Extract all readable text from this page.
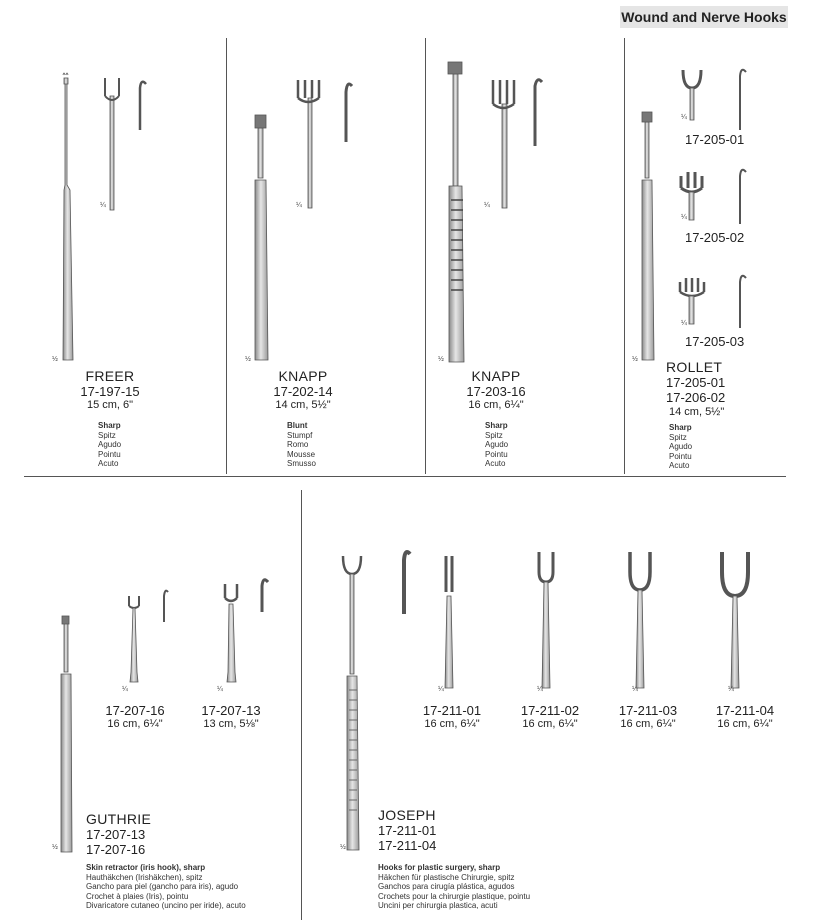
Wound and Nerve Hooks
½
¼
½
¼
½
¼
½
¼
¼
¼
½
¼	¼
½
¼	¼	¼	¼
FREER
17-197-15
15 cm, 6"
Sharp
Spitz
Agudo
Pointu
Acuto
KNAPP
17-202-14
14 cm, 5½"
Blunt
Stumpf
Romo
Mousse
Smusso
KNAPP
17-203-16
16 cm, 6¼"
Sharp
Spitz
Agudo
Pointu
Acuto
17-205-01
17-205-02
17-205-03
ROLLET
17-205-01
17-206-02
14 cm, 5½"
Sharp
Spitz
Agudo
Pointu
Acuto
17-207-16
16 cm, 6¼"
17-207-13
13 cm, 5⅛"
GUTHRIE
17-207-13
17-207-16
Skin retractor (iris hook), sharp
Hauthäkchen (Irishäkchen), spitz
Gancho para piel (gancho para iris), agudo
Crochet à plaies (Iris), pointu
Divaricatore cutaneo (uncino per iride), acuto
17-211-01
16 cm, 6¼"
17-211-02
16 cm, 6¼"
17-211-03
16 cm, 6¼"
17-211-04
16 cm, 6¼"
JOSEPH
17-211-01
17-211-04
Hooks for plastic surgery, sharp
Häkchen für plastische Chirurgie, spitz
Ganchos para cirugía plástica, agudos
Crochets pour la chirurgie plastique, pointu
Uncini per chirurgia plastica, acuti
